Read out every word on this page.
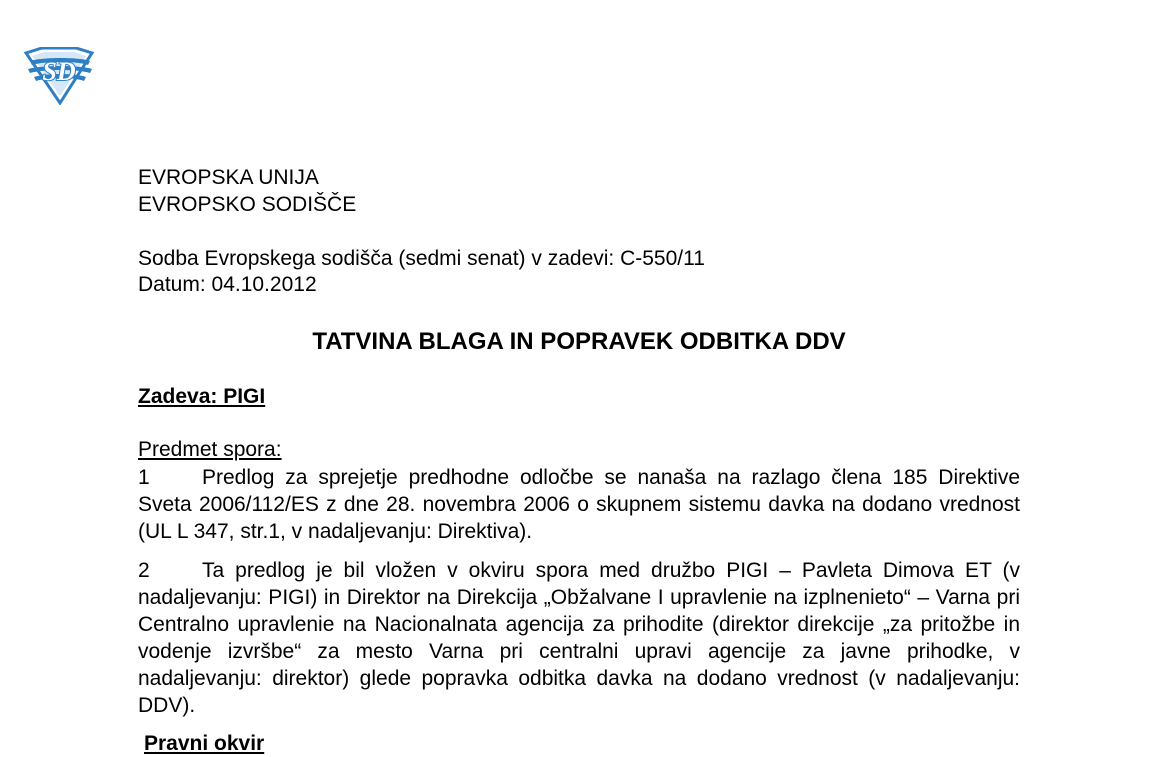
SD
EVROPSKA UNIJA
EVROPSKO SODIŠČE
Sodba Evropskega sodišča (sedmi senat) v zadevi: C-550/11
Datum: 04.10.2012
TATVINA BLAGA IN POPRAVEK ODBITKA DDV
Zadeva: PIGI
Predmet spora:
1 Predlog za sprejetje predhodne odločbe se nanaša na razlago člena 185 Direktive Sveta 2006/112/ES z dne 28. novembra 2006 o skupnem sistemu davka na dodano vrednost (UL L 347, str.1, v nadaljevanju: Direktiva).
2 Ta predlog je bil vložen v okviru spora med družbo PIGI – Pavleta Dimova ET (v nadaljevanju: PIGI) in Direktor na Direkcija „Obžalvane I upravlenie na izplnenieto“ – Varna pri Centralno upravlenie na Nacionalnata agencija za prihodite (direktor direkcije „za pritožbe in vodenje izvršbe“ za mesto Varna pri centralni upravi agencije za javne prihodke, v nadaljevanju: direktor) glede popravka odbitka davka na dodano vrednost (v nadaljevanju: DDV).
Pravni okvir
